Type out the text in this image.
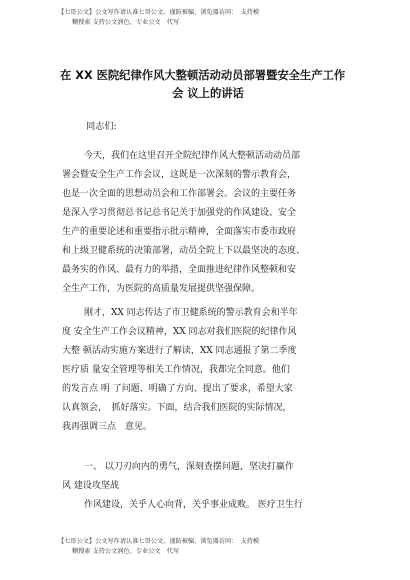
【七哥公文】公文写作请认准七哥公文，谨防被骗，浏览器访问：　支持模
糊搜索 支持公文润色、专业公文　代写
在 XX 医院纪律作风大整顿活动动员部署暨安全生产工作
会 议上的讲话
同志们:
今天，我们在这里召开全院纪律作风大整顿活动动员部
署会暨安全生产工作会议，这既是一次深刻的警示教育会，
也是一次全面的思想动员会和工作部署会。会议的主要任务
是深入学习贯彻总书记总书记关于加强党的作风建设、安全
生产的重要论述和重要指示批示精神，全面落实市委市政府
和上级卫健系统的决策部署，动员全院上下以最坚决的态度、
最务实的作风、最有力的举措，全面推进纪律作风整顿和安
全生产工作，为医院的高质量发展提供坚强保障。
刚才，XX 同志传达了市卫健系统的警示教育会和半年
度 安全生产工作会议精神，XX 同志对我们医院的纪律作风
大整 顿活动实施方案进行了解读，XX 同志通报了第二季度
医疗质 量安全管理等相关工作情况，我都完全同意。他们
的发言点 明 了问题、明确了方向、提出了要求，希望大家
认真领会，　抓好落实。下面，结合我们医院的实际情况，
我再强调三点　意见。
一、 以刀刃向内的勇气，深刻查摆问题，坚决打赢作
风 建设攻坚战
作风建设，关乎人心向背，关乎事业成败。 医疗卫生行
【七哥公文】公文写作请认准七哥公文，谨防被骗，浏览器访问：　支持模
糊搜索 支持公文润色、专业公文　代写
